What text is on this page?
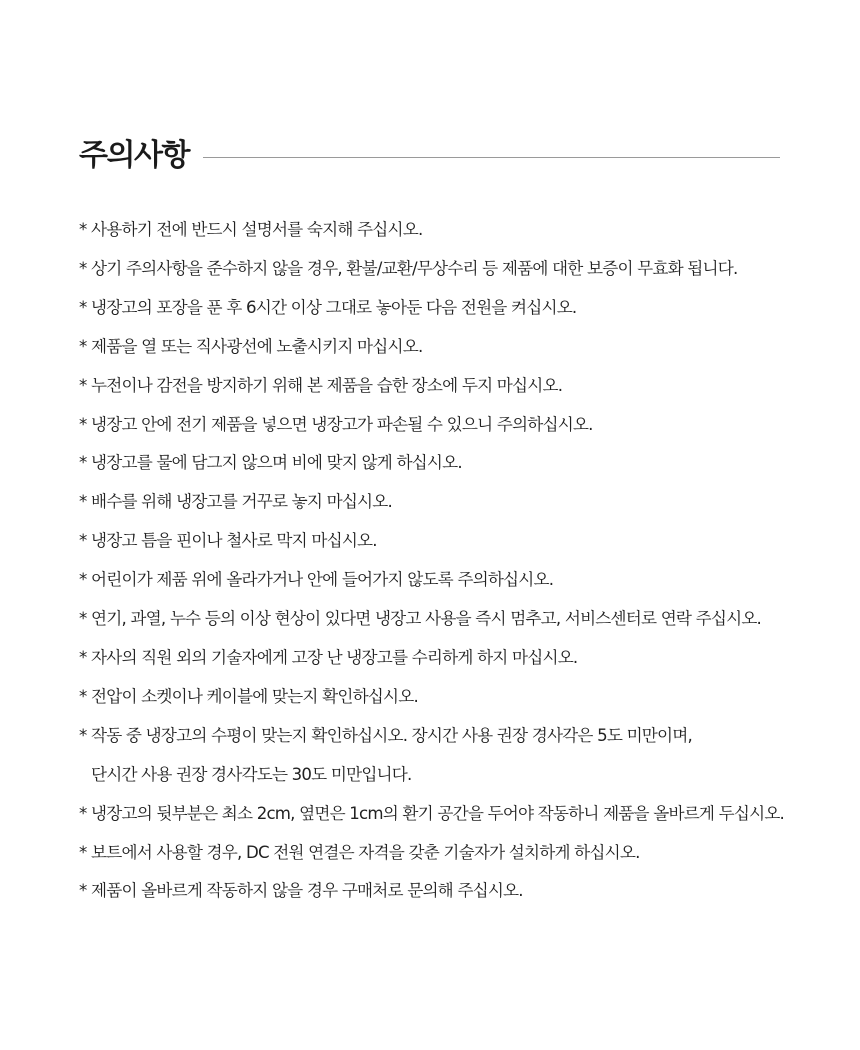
주의사항
* 사용하기 전에 반드시 설명서를 숙지해 주십시오.
* 상기 주의사항을 준수하지 않을 경우, 환불/교환/무상수리 등 제품에 대한 보증이 무효화 됩니다.
* 냉장고의 포장을 푼 후 6시간 이상 그대로 놓아둔 다음 전원을 켜십시오.
* 제품을 열 또는 직사광선에 노출시키지 마십시오.
* 누전이나 감전을 방지하기 위해 본 제품을 습한 장소에 두지 마십시오.
* 냉장고 안에 전기 제품을 넣으면 냉장고가 파손될 수 있으니 주의하십시오.
* 냉장고를 물에 담그지 않으며 비에 맞지 않게 하십시오.
* 배수를 위해 냉장고를 거꾸로 놓지 마십시오.
* 냉장고 틈을 핀이나 철사로 막지 마십시오.
* 어린이가 제품 위에 올라가거나 안에 들어가지 않도록 주의하십시오.
* 연기, 과열, 누수 등의 이상 현상이 있다면 냉장고 사용을 즉시 멈추고, 서비스센터로 연락 주십시오.
* 자사의 직원 외의 기술자에게 고장 난 냉장고를 수리하게 하지 마십시오.
* 전압이 소켓이나 케이블에 맞는지 확인하십시오.
* 작동 중 냉장고의 수평이 맞는지 확인하십시오. 장시간 사용 권장 경사각은 5도 미만이며,
단시간 사용 권장 경사각도는 30도 미만입니다.
* 냉장고의 뒷부분은 최소 2cm, 옆면은 1cm의 환기 공간을 두어야 작동하니 제품을 올바르게 두십시오.
* 보트에서 사용할 경우, DC 전원 연결은 자격을 갖춘 기술자가 설치하게 하십시오.
* 제품이 올바르게 작동하지 않을 경우 구매처로 문의해 주십시오.
